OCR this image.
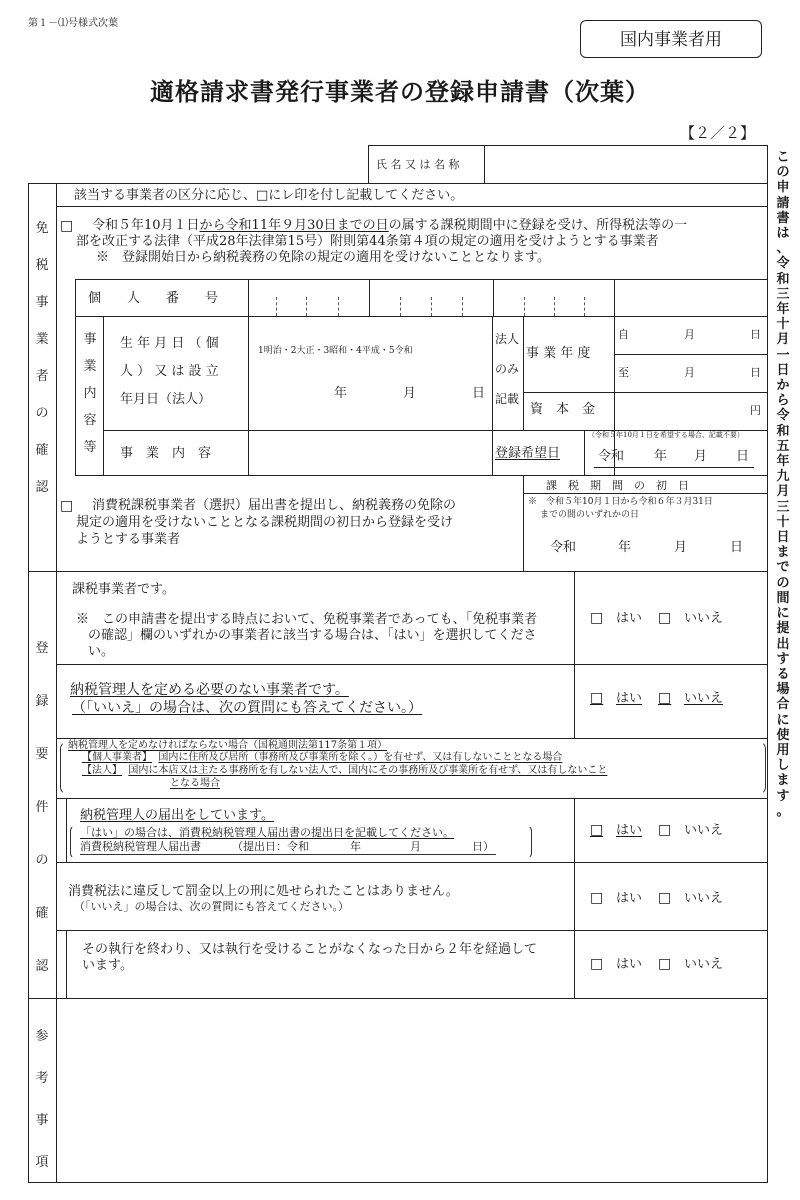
第１－⑴号様式次葉
国内事業者用
適格請求書発行事業者の登録申請書（次葉）
【２／２】
氏 名 又 は 名 称	こ
の
申
請
書
は
、
令
和
三
年
十
月
一
日
か
ら
令
和
五
年
九
月
三
十
日
ま
で
の
間
に
提
出
す
る
場
合
に
使
用
し
ま
す
。
免
税
事
業
者
の
確
認
該当する事業者の区分に応じ、□にレ印を付し記載してください。
□ 令和５年10月１日から令和11年９月30日までの日の属する課税期間中に登録を受け、所得税法等の一
部を改正する法律（平成28年法律第15号）附則第44条第４項の規定の適用を受けようとする事業者
※　登録開始日から納税義務の免除の規定の適用を受けないこととなります。
個　　人　　番　　号
事
業
内
容
等
生 年 月 日 （ 個
人 ） 又 は 設 立
年月日（法人）
1明治・2大正・3昭和・4平成・5令和
年	月	日
法人
のみ
記載
事 業 年 度
自	月	日
至	月	日
資　本　金	円
事　業　内　容	登録希望日
（令和５年10月１日を希望する場合、記載不要）
令和 年 月 日
□ 消費税課税事業者（選択）届出書を提出し、納税義務の免除の
規定の適用を受けないこととなる課税期間の初日から登録を受け
ようとする事業者
課　税　期　間　の　初　日
※　令和５年10月１日から令和６年３月31日
までの間のいずれかの日
令和	年	月	日
登
録
要
件
の
確
認
課税事業者です。
※　この申請書を提出する時点において、免税事業者であっても、「免税事業者
の確認」欄のいずれかの事業者に該当する場合は、「はい」を選択してくださ
い。
□ はい □ いいえ
納税管理人を定める必要のない事業者です。
（「いいえ」の場合は、次の質問にも答えてください。）
□ はい □ いいえ
納税管理人を定めなければならない場合（国税通則法第117条第１項）
【個人事業者】 国内に住所及び居所（事務所及び事業所を除く。）を有せず、又は有しないこととなる場合
【法人】 国内に本店又は主たる事務所を有しない法人で、国内にその事務所及び事業所を有せず、又は有しないこと
となる場合
納税管理人の届出をしています。
「はい」の場合は、消費税納税管理人届出書の提出日を記載してください。
消費税納税管理人届出書	（提出日：令和	年	月	日）
□ はい □ いいえ
消費税法に違反して罰金以上の刑に処せられたことはありません。
（「いいえ」の場合は、次の質問にも答えてください。）
□ はい □ いいえ
その執行を終わり、又は執行を受けることがなくなった日から２年を経過して
います。	□ はい □ いいえ
参
考
事
項
